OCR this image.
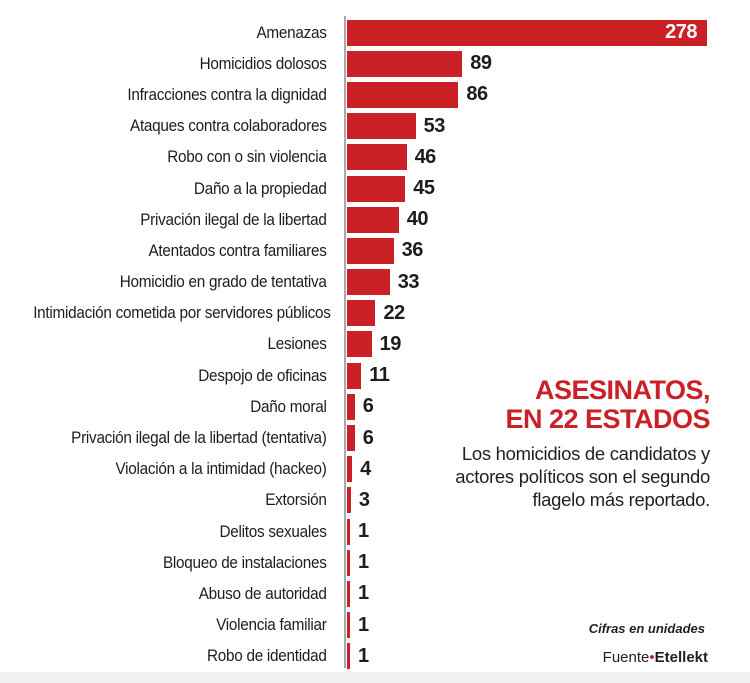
Amenazas	278
Homicidios dolosos	89
Infracciones contra la dignidad	86
Ataques contra colaboradores	53
Robo con o sin violencia	46
Daño a la propiedad	45
Privación ilegal de la libertad	40
Atentados contra familiares	36
Homicidio en grado de tentativa	33
Intimidación cometida por servidores públicos	22
Lesiones	19
Despojo de oficinas 11
Daño moral 6
Privación ilegal de la libertad (tentativa) 6
Violación a la intimidad (hackeo) 4
Extorsión 3
Delitos sexuales 1
Bloqueo de instalaciones 1
Abuso de autoridad 1
Violencia familiar 1
Robo de identidad 1
ASESINATOS,
EN 22 ESTADOS
Los homicidios de candidatos y actores políticos son el segundo flagelo más reportado.
Cifras en unidades
Fuente•Etellekt
